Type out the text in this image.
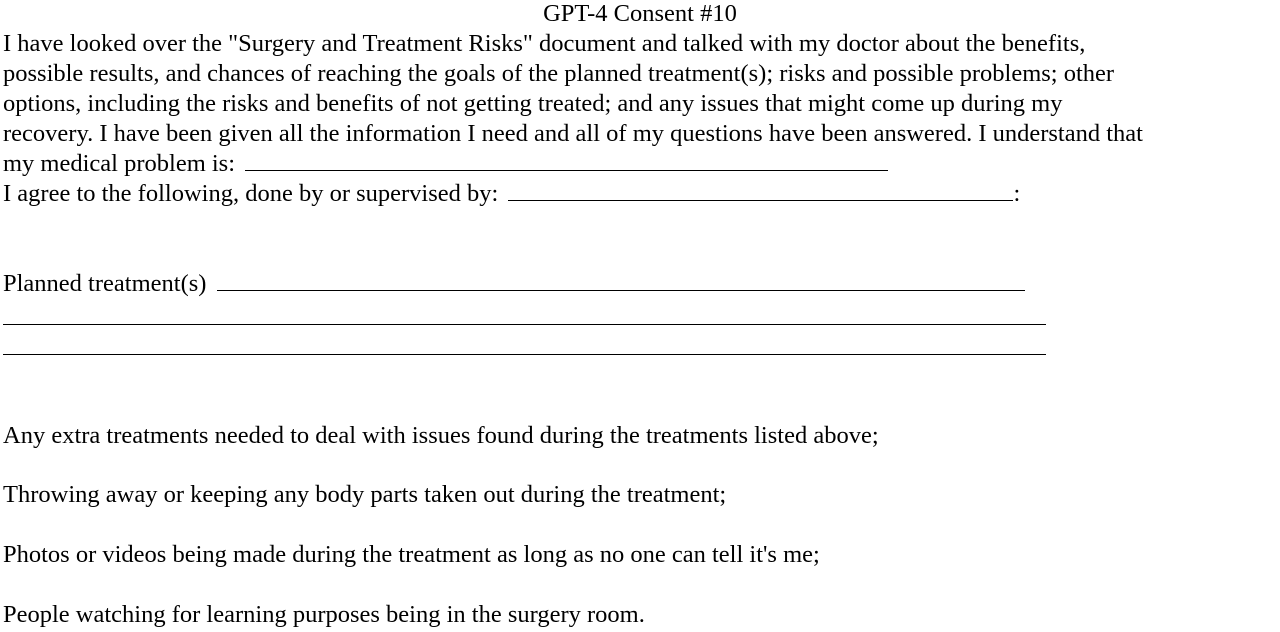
GPT-4 Consent #10
I have looked over the "Surgery and Treatment Risks" document and talked with my doctor about the benefits,
possible results, and chances of reaching the goals of the planned treatment(s); risks and possible problems; other
options, including the risks and benefits of not getting treated; and any issues that might come up during my
recovery. I have been given all the information I need and all of my questions have been answered. I understand that
my medical problem is:
I agree to the following, done by or supervised by:	:
Planned treatment(s)
Any extra treatments needed to deal with issues found during the treatments listed above;
Throwing away or keeping any body parts taken out during the treatment;
Photos or videos being made during the treatment as long as no one can tell it's me;
People watching for learning purposes being in the surgery room.
